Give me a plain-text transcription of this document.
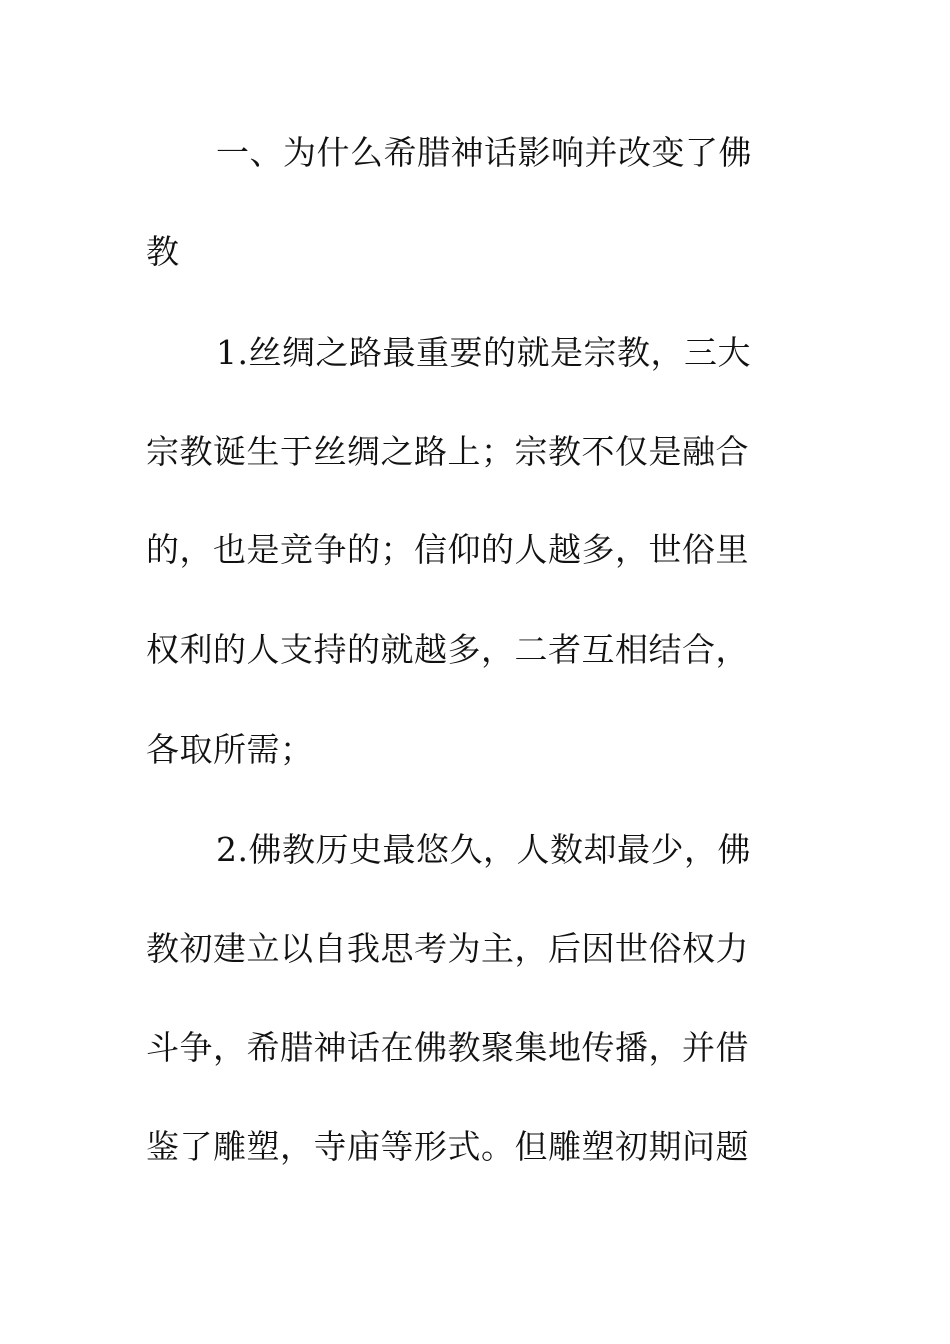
一、为什么希腊神话影响并改变了佛
教
1.丝绸之路最重要的就是宗教，三大
宗教诞生于丝绸之路上；宗教不仅是融合
的，也是竞争的；信仰的人越多，世俗里
权利的人支持的就越多，二者互相结合，
各取所需；
2.佛教历史最悠久，人数却最少，佛
教初建立以自我思考为主，后因世俗权力
斗争，希腊神话在佛教聚集地传播，并借
鉴了雕塑，寺庙等形式。但雕塑初期问题
